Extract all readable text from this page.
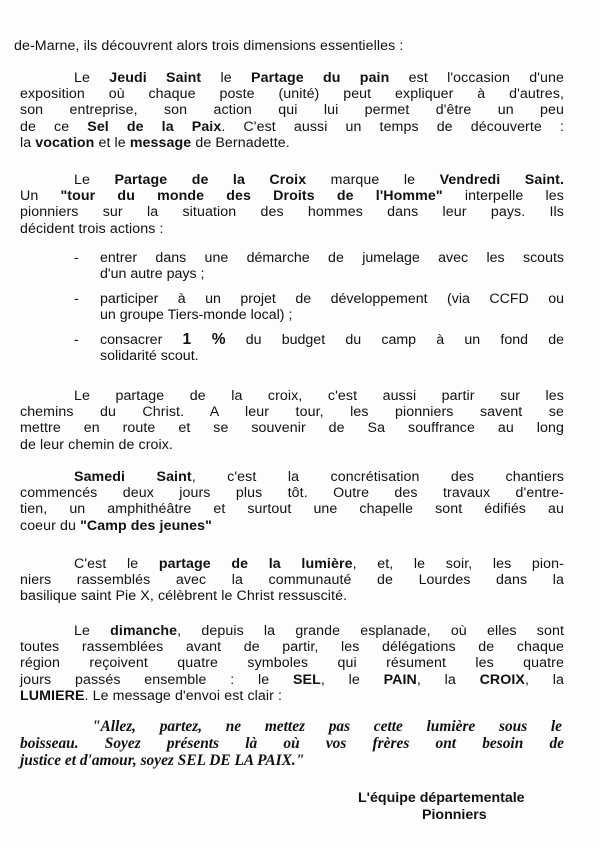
de-Marne, ils découvrent alors trois dimensions essentielles :
Le Jeudi Saint le Partage du pain est l'occasion d'une
exposition où chaque poste (unité) peut expliquer à d'autres,
son entreprise, son action qui lui permet d'être un peu
de ce Sel de la Paix. C'est aussi un temps de découverte :
la vocation et le message de Bernadette.
Le Partage de la Croix marque le Vendredi Saint.
Un "tour du monde des Droits de l'Homme" interpelle les
pionniers sur la situation des hommes dans leur pays. Ils
décident trois actions :
- entrer dans une démarche de jumelage avec les scouts
d'un autre pays ;
- participer à un projet de développement (via CCFD ou
un groupe Tiers-monde local) ;
- consacrer 1 % du budget du camp à un fond de
solidarité scout.
Le partage de la croix, c'est aussi partir sur les
chemins du Christ. A leur tour, les pionniers savent se
mettre en route et se souvenir de Sa souffrance au long
de leur chemin de croix.
Samedi Saint, c'est la concrétisation des chantiers
commencés deux jours plus tôt. Outre des travaux d'entre-
tien, un amphithéâtre et surtout une chapelle sont édifiés au
coeur du "Camp des jeunes"
C'est le partage de la lumière, et, le soir, les pion-
niers rassemblés avec la communauté de Lourdes dans la
basilique saint Pie X, célèbrent le Christ ressuscité.
Le dimanche, depuis la grande esplanade, où elles sont
toutes rassemblées avant de partir, les délégations de chaque
région reçoivent quatre symboles qui résument les quatre
jours passés ensemble : le SEL, le PAIN, la CROIX, la
LUMIERE. Le message d'envoi est clair :
"Allez, partez, ne mettez pas cette lumière sous le
boisseau. Soyez présents là où vos frères ont besoin de
justice et d'amour, soyez SEL DE LA PAIX."
L'équipe départementale
Pionniers
